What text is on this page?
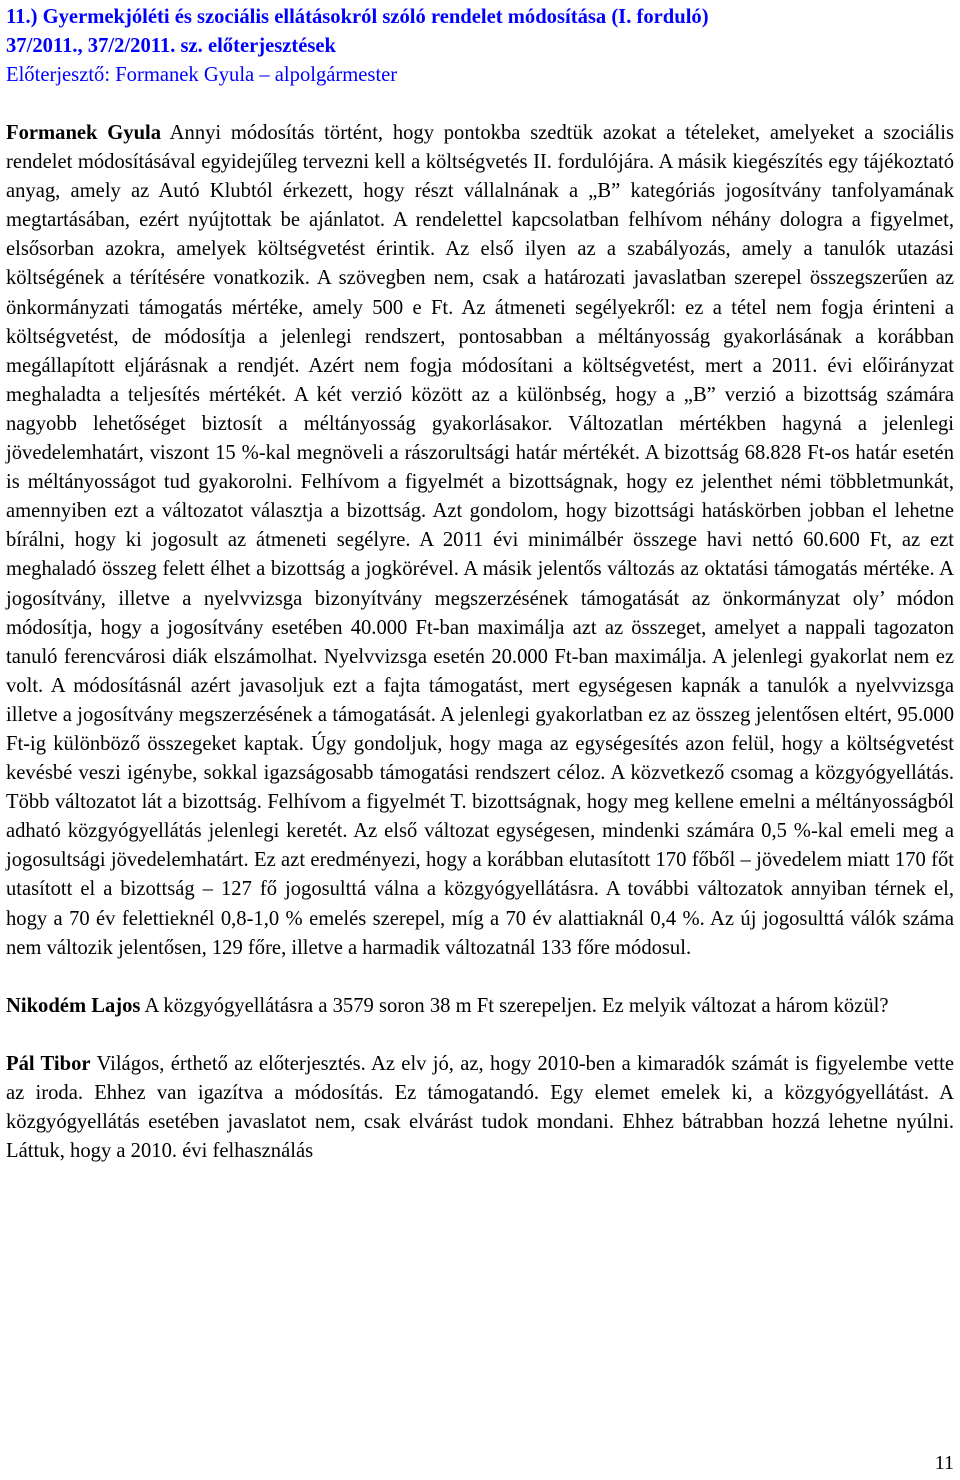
11.) Gyermekjóléti és szociális ellátásokról szóló rendelet módosítása (I. forduló)
37/2011., 37/2/2011. sz. előterjesztések
Előterjesztő: Formanek Gyula – alpolgármester

Formanek Gyula Annyi módosítás történt, hogy pontokba szedtük azokat a tételeket, amelyeket a szociális rendelet módosításával egyidejűleg tervezni kell a költségvetés II. fordulójára. A másik kiegészítés egy tájékoztató anyag, amely az Autó Klubtól érkezett, hogy részt vállalnának a „B” kategóriás jogosítvány tanfolyamának megtartásában, ezért nyújtottak be ajánlatot. A rendelettel kapcsolatban felhívom néhány dologra a figyelmet, elsősorban azokra, amelyek költségvetést érintik. Az első ilyen az a szabályozás, amely a tanulók utazási költségének a térítésére vonatkozik. A szövegben nem, csak a határozati javaslatban szerepel összegszerűen az önkormányzati támogatás mértéke, amely 500 e Ft. Az átmeneti segélyekről: ez a tétel nem fogja érinteni a költségvetést, de módosítja a jelenlegi rendszert, pontosabban a méltányosság gyakorlásának a korábban megállapított eljárásnak a rendjét. Azért nem fogja módosítani a költségvetést, mert a 2011. évi előirányzat meghaladta a teljesítés mértékét. A két verzió között az a különbség, hogy a „B” verzió a bizottság számára nagyobb lehetőséget biztosít a méltányosság gyakorlásakor. Változatlan mértékben hagyná a jelenlegi jövedelemhatárt, viszont 15 %-kal megnöveli a rászorultsági határ mértékét. A bizottság 68.828 Ft-os határ esetén is méltányosságot tud gyakorolni. Felhívom a figyelmét a bizottságnak, hogy ez jelenthet némi többletmunkát, amennyiben ezt a változatot választja a bizottság. Azt gondolom, hogy bizottsági hatáskörben jobban el lehetne bírálni, hogy ki jogosult az átmeneti segélyre. A 2011 évi minimálbér összege havi nettó 60.600 Ft, az ezt meghaladó összeg felett élhet a bizottság a jogkörével. A másik jelentős változás az oktatási támogatás mértéke. A jogosítvány, illetve a nyelvvizsga bizonyítvány megszerzésének támogatását az önkormányzat oly’ módon módosítja, hogy a jogosítvány esetében 40.000 Ft-ban maximálja azt az összeget, amelyet a nappali tagozaton tanuló ferencvárosi diák elszámolhat. Nyelvvizsga esetén 20.000 Ft-ban maximálja. A jelenlegi gyakorlat nem ez volt. A módosításnál azért javasoljuk ezt a fajta támogatást, mert egységesen kapnák a tanulók a nyelvvizsga illetve a jogosítvány megszerzésének a támogatását. A jelenlegi gyakorlatban ez az összeg jelentősen eltért, 95.000 Ft-ig különböző összegeket kaptak. Úgy gondoljuk, hogy maga az egységesítés azon felül, hogy a költségvetést kevésbé veszi igénybe, sokkal igazságosabb támogatási rendszert céloz. A közvetkező csomag a közgyógyellátás. Több változatot lát a bizottság. Felhívom a figyelmét T. bizottságnak, hogy meg kellene emelni a méltányosságból adható közgyógyellátás jelenlegi keretét. Az első változat egységesen, mindenki számára 0,5 %-kal emeli meg a jogosultsági jövedelemhatárt. Ez azt eredményezi, hogy a korábban elutasított 170 főből – jövedelem miatt 170 főt utasított el a bizottság – 127 fő jogosulttá válna a közgyógyellátásra. A további változatok annyiban térnek el, hogy a 70 év felettieknél 0,8-1,0 % emelés szerepel, míg a 70 év alattiaknál 0,4 %. Az új jogosulttá válók száma nem változik jelentősen, 129 főre, illetve a harmadik változatnál 133 főre módosul.

Nikodém Lajos A közgyógyellátásra a 3579 soron 38 m Ft szerepeljen. Ez melyik változat a három közül?

Pál Tibor Világos, érthető az előterjesztés. Az elv jó, az, hogy 2010-ben a kimaradók számát is figyelembe vette az iroda. Ehhez van igazítva a módosítás. Ez támogatandó. Egy elemet emelek ki, a közgyógyellátást. A közgyógyellátás esetében javaslatot nem, csak elvárást tudok mondani. Ehhez bátrabban hozzá lehetne nyúlni. Láttuk, hogy a 2010. évi felhasználás

11
